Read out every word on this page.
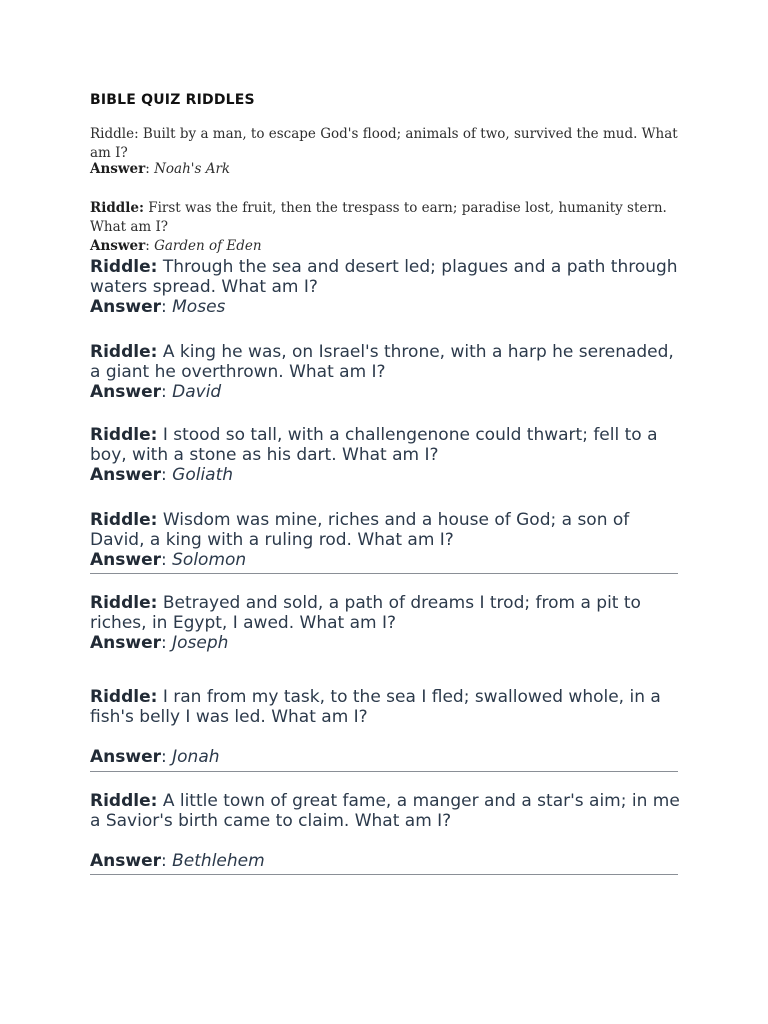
BIBLE QUIZ RIDDLES

Riddle: Built by a man, to escape God's flood; animals of two, survived the mud. What am I?

Answer: Noah's Ark

Riddle: First was the fruit, then the trespass to earn; paradise lost, humanity stern. What am I?
Answer: Garden of Eden
Riddle: Through the sea and desert led; plagues and a path through waters spread. What am I?
Answer: Moses
Riddle: A king he was, on Israel's throne, with a harp he serenaded, a giant he overthrown. What am I?
Answer: David
Riddle: I stood so tall, with a challengenone could thwart; fell to a boy, with a stone as his dart. What am I?
Answer: Goliath
Riddle: Wisdom was mine, riches and a house of God; a son of David, a king with a ruling rod. What am I?
Answer: Solomon
Riddle: Betrayed and sold, a path of dreams I trod; from a pit to riches, in Egypt, I awed. What am I?
Answer: Joseph
Riddle: I ran from my task, to the sea I fled; swallowed whole, in a fish's belly I was led. What am I?
Answer: Jonah
Riddle: A little town of great fame, a manger and a star's aim; in me a Savior's birth came to claim. What am I?
Answer: Bethlehem
